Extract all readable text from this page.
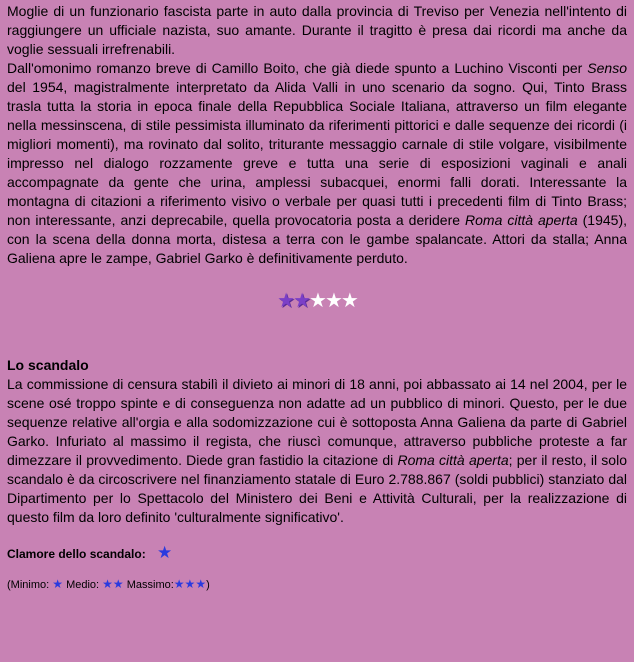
Moglie di un funzionario fascista parte in auto dalla provincia di Treviso per Venezia nell'intento di raggiungere un ufficiale nazista, suo amante. Durante il tragitto è presa dai ricordi ma anche da voglie sessuali irrefrenabili.

Dall'omonimo romanzo breve di Camillo Boito, che già diede spunto a Luchino Visconti per Senso del 1954, magistralmente interpretato da Alida Valli in uno scenario da sogno. Qui, Tinto Brass trasla tutta la storia in epoca finale della Repubblica Sociale Italiana, attraverso un film elegante nella messinscena, di stile pessimista illuminato da riferimenti pittorici e dalle sequenze dei ricordi (i migliori momenti), ma rovinato dal solito, triturante messaggio carnale di stile volgare, visibilmente impresso nel dialogo rozzamente greve e tutta una serie di esposizioni vaginali e anali accompagnate da gente che urina, amplessi subacquei, enormi falli dorati. Interessante la montagna di citazioni a riferimento visivo o verbale per quasi tutti i precedenti film di Tinto Brass; non interessante, anzi deprecabile, quella provocatoria posta a deridere Roma città aperta (1945), con la scena della donna morta, distesa a terra con le gambe spalancate. Attori da stalla; Anna Galiena apre le zampe, Gabriel Garko è definitivamente perduto.

★★★★★
Lo scandalo

La commissione di censura stabilì il divieto ai minori di 18 anni, poi abbassato ai 14 nel 2004, per le scene osé troppo spinte e di conseguenza non adatte ad un pubblico di minori. Questo, per le due sequenze relative all'orgia e alla sodomizzazione cui è sottoposta Anna Galiena da parte di Gabriel Garko. Infuriato al massimo il regista, che riuscì comunque, attraverso pubbliche proteste a far dimezzare il provvedimento. Diede gran fastidio la citazione di Roma città aperta; per il resto, il solo scandalo è da circoscrivere nel finanziamento statale di Euro 2.788.867 (soldi pubblici) stanziato dal Dipartimento per lo Spettacolo del Ministero dei Beni e Attività Culturali, per la realizzazione di questo film da loro definito 'culturalmente significativo'.

Clamore dello scandalo: ★
(Minimo: ★ Medio: ★★ Massimo:★★★)
